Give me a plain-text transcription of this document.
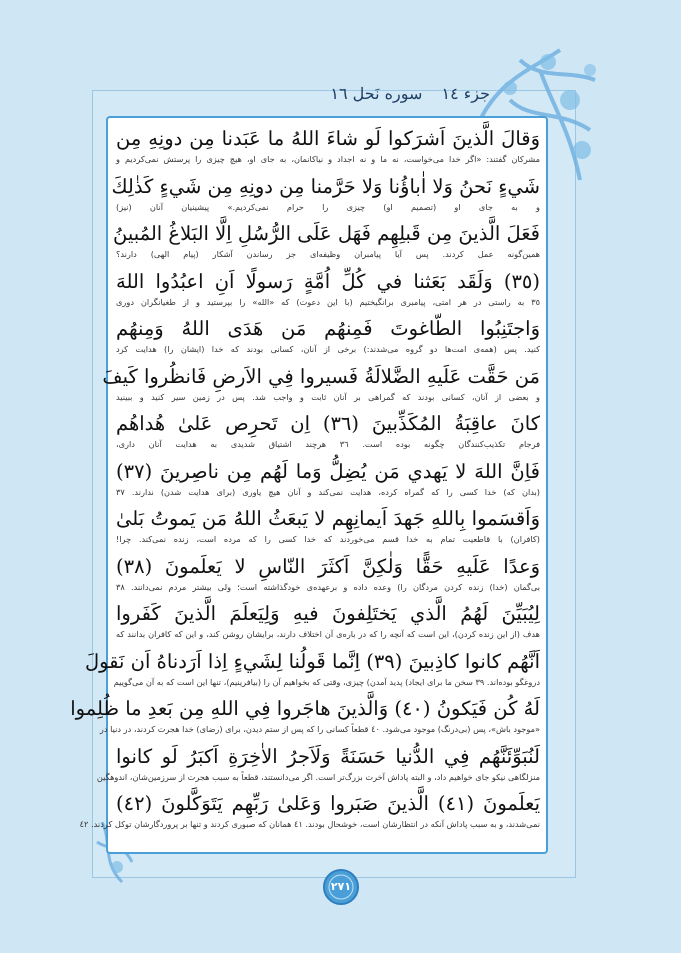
جزء ١٤ سوره نَحل ١٦
وَقالَ الَّذينَ اَشرَكوا لَو شاءَ اللهُ ما عَبَدنا مِن دونِهِ مِن
مشرکان گفتند: «اگر خدا می‌خواست، نه ما و نه اجداد و نیاکانمان، به جای او، هیچ چیزی را پرستش نمی‌کردیم و
شَيءٍ نَحنُ وَلا اٰباؤُنا وَلا حَرَّمنا مِن دونِهِ مِن شَيءٍ كَذٰلِكَ
و به جای او (تصمیم او) چیزی را حرام نمی‌کردیم.» پیشینیان آنان (نیز)
فَعَلَ الَّذينَ مِن قَبلِهِم فَهَل عَلَى الرُّسُلِ اِلَّا البَلاغُ المُبينُ
همین‌گونه عمل کردند. پس آیا پیامبران وظیفه‌ای جز رساندن آشکار (پیام الهی) دارند؟
(٣٥) وَلَقَد بَعَثنا في كُلِّ اُمَّةٍ رَسولًا اَنِ اعبُدُوا اللهَ
٣٥ به راستی در هر امتی، پیامبری برانگیختیم (با این دعوت) که «الله» را بپرستید و از طغیانگران دوری
وَاجتَنِبُوا الطّاغوتَ فَمِنهُم مَن هَدَى اللهُ وَمِنهُم
کنید. پس (همه‌ی امت‌ها دو گروه می‌شدند:) برخی از آنان، کسانی بودند که خدا (ایشان را) هدایت کرد
مَن حَقَّت عَلَيهِ الضَّلالَةُ فَسيروا فِي الاَرضِ فَانظُروا كَيفَ
و بعضی از آنان، کسانی بودند که گمراهی بر آنان ثابت و واجب شد. پس در زمین سیر کنید و ببینید
كانَ عاقِبَةُ المُكَذِّبينَ (٣٦) اِن تَحرِص عَلىٰ هُداهُم
فرجام تکذیب‌کنندگان چگونه بوده است. ٣٦ هرچند اشتیاق شدیدی به هدایت آنان داری،
فَاِنَّ اللهَ لا يَهدي مَن يُضِلُّ وَما لَهُم مِن ناصِرينَ (٣٧)
(بدان که) خدا کسی را که گمراه کرده، هدایت نمی‌کند و آنان هیچ یاوری (برای هدایت شدن) ندارند. ٣٧
وَاَقسَموا بِاللهِ جَهدَ اَيمانِهِم لا يَبعَثُ اللهُ مَن يَموتُ بَلىٰ
(کافران) با قاطعیت تمام به خدا قسم می‌خوردند که خدا کسی را که مرده است، زنده نمی‌کند. چرا!
وَعدًا عَلَيهِ حَقًّا وَلٰكِنَّ اَكثَرَ النّاسِ لا يَعلَمونَ (٣٨)
بی‌گمان (خدا) زنده کردن مردگان را) وعده داده و برعهده‌ی خودگذاشته است؛ ولی بیشتر مردم نمی‌دانند. ٣٨
لِيُبَيِّنَ لَهُمُ الَّذي يَختَلِفونَ فيهِ وَلِيَعلَمَ الَّذينَ كَفَروا
هدف (از این زنده کردن)، این است که آنچه را که در باره‌ی آن اختلاف دارند، برایشان روشن کند، و این که کافران بدانند که
اَنَّهُم كانوا كاذِبينَ (٣٩) اِنَّما قَولُنا لِشَيءٍ اِذا اَرَدناهُ اَن نَقولَ
دروغگو بوده‌اند. ٣٩ سخن ما برای ایجاد) پدید آمدن) چیزی، وقتی که بخواهیم آن را (بیافرینیم)، تنها این است که به آن می‌گوییم
لَهُ كُن فَيَكونُ (٤٠) وَالَّذينَ هاجَروا فِي اللهِ مِن بَعدِ ما ظُلِموا
«موجود باش»، پس (بی‌درنگ) موجود می‌شود. ٤٠ قطعاً کسانی را که پس از ستم دیدن، برای (رضای) خدا هجرت کردند، در دنیا در
لَنُبَوِّئَنَّهُم فِي الدُّنيا حَسَنَةً وَلَاَجرُ الاٰخِرَةِ اَكبَرُ لَو كانوا
منزلگاهی نیکو جای خواهیم داد، و البته پاداش آخرت بزرگ‌تر است. اگر می‌دانستند، قطعاً به سبب هجرت از سرزمین‌شان، اندوهگین
يَعلَمونَ (٤١) الَّذينَ صَبَروا وَعَلىٰ رَبِّهِم يَتَوَكَّلونَ (٤٢)
نمی‌شدند، و به سبب پاداش آنکه در انتظارشان است، خوشحال بودند. ٤١ همانان که صبوری کردند و تنها بر پروردگارشان توکل کردند. ٤٢
٢٧١
